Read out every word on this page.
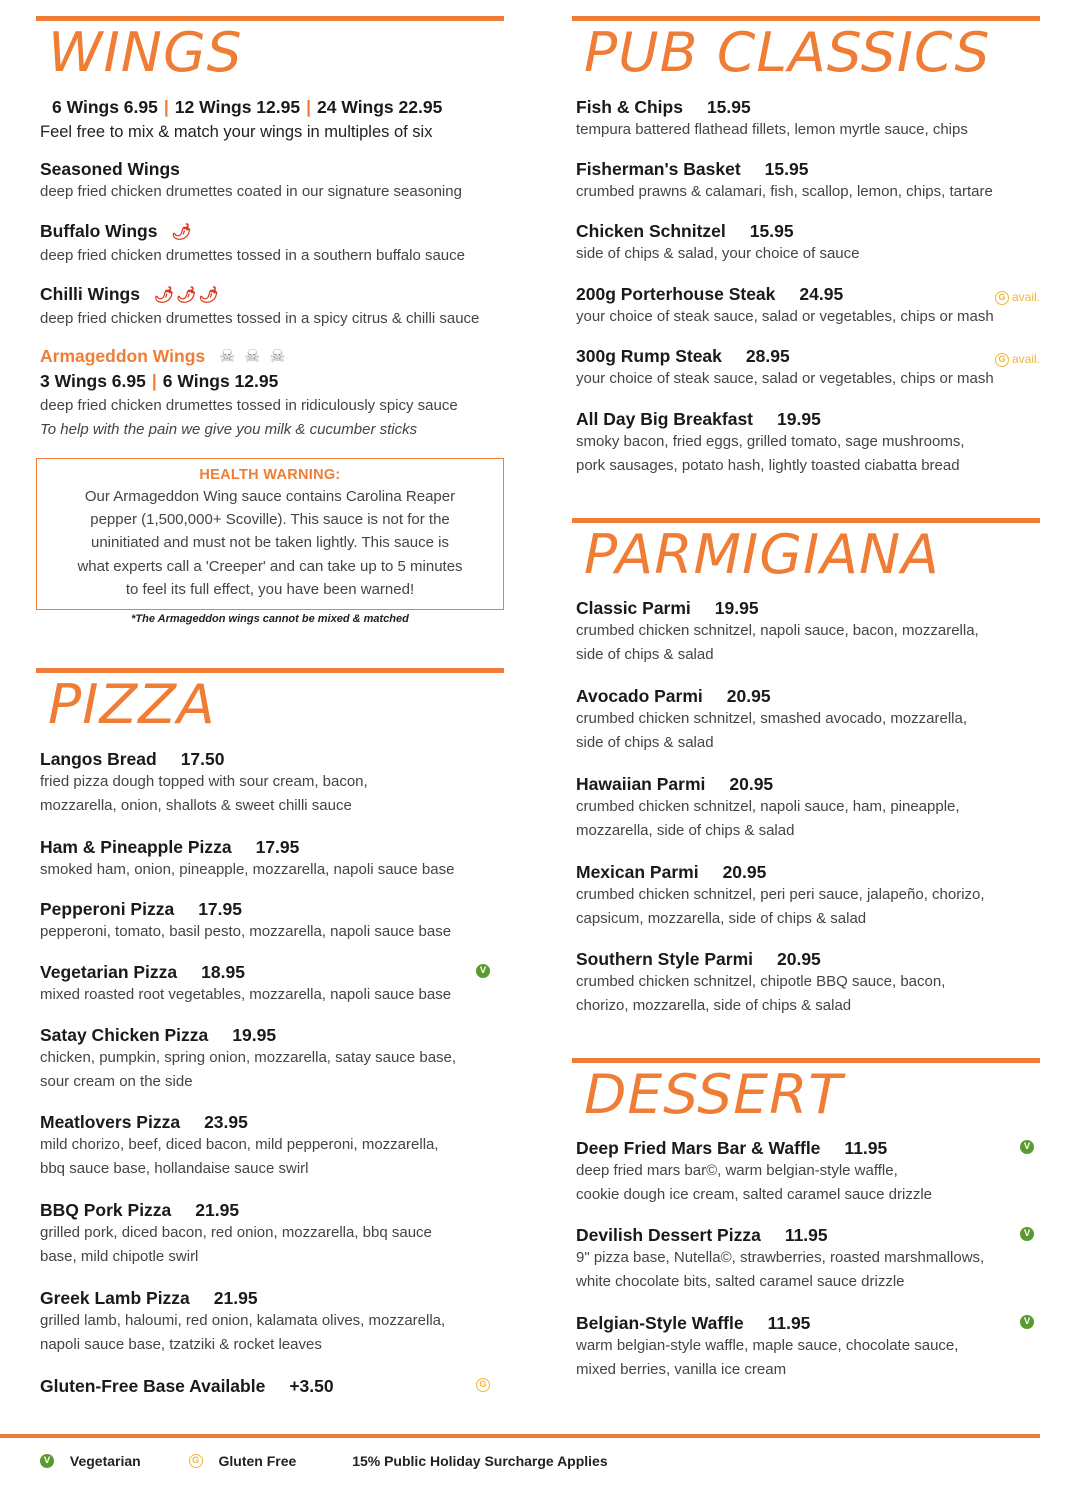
WINGS
6 Wings 6.95 | 12 Wings 12.95 | 24 Wings 22.95
Feel free to mix & match your wings in multiples of six
Seasoned Wings
deep fried chicken drumettes coated in our signature seasoning
Buffalo Wings 🌶
deep fried chicken drumettes tossed in a southern buffalo sauce
Chilli Wings 🌶🌶🌶
deep fried chicken drumettes tossed in a spicy citrus & chilli sauce
Armageddon Wings ☠ ☠ ☠
3 Wings 6.95 | 6 Wings 12.95
deep fried chicken drumettes tossed in ridiculously spicy sauce
To help with the pain we give you milk & cucumber sticks
HEALTH WARNING:
Our Armageddon Wing sauce contains Carolina Reaper
pepper (1,500,000+ Scoville). This sauce is not for the
uninitiated and must not be taken lightly. This sauce is
what experts call a 'Creeper' and can take up to 5 minutes
to feel its full effect, you have been warned!
*The Armageddon wings cannot be mixed & matched
PIZZA
Langos Bread 17.50
fried pizza dough topped with sour cream, bacon,
mozzarella, onion, shallots & sweet chilli sauce
Ham & Pineapple Pizza 17.95
smoked ham, onion, pineapple, mozzarella, napoli sauce base
Pepperoni Pizza 17.95
pepperoni, tomato, basil pesto, mozzarella, napoli sauce base
Vegetarian Pizza 18.95	V
mixed roasted root vegetables, mozzarella, napoli sauce base
Satay Chicken Pizza 19.95
chicken, pumpkin, spring onion, mozzarella, satay sauce base,
sour cream on the side
Meatlovers Pizza 23.95
mild chorizo, beef, diced bacon, mild pepperoni, mozzarella,
bbq sauce base, hollandaise sauce swirl
BBQ Pork Pizza 21.95
grilled pork, diced bacon, red onion, mozzarella, bbq sauce
base, mild chipotle swirl
Greek Lamb Pizza 21.95
grilled lamb, haloumi, red onion, kalamata olives, mozzarella,
napoli sauce base, tzatziki & rocket leaves
Gluten-Free Base Available +3.50	G
PUB CLASSICS
Fish & Chips 15.95
tempura battered flathead fillets, lemon myrtle sauce, chips
Fisherman's Basket 15.95
crumbed prawns & calamari, fish, scallop, lemon, chips, tartare
Chicken Schnitzel 15.95
side of chips & salad, your choice of sauce
200g Porterhouse Steak 24.95	G avail.
your choice of steak sauce, salad or vegetables, chips or mash
300g Rump Steak 28.95	G avail.
your choice of steak sauce, salad or vegetables, chips or mash
All Day Big Breakfast 19.95
smoky bacon, fried eggs, grilled tomato, sage mushrooms,
pork sausages, potato hash, lightly toasted ciabatta bread
PARMIGIANA
Classic Parmi 19.95
crumbed chicken schnitzel, napoli sauce, bacon, mozzarella,
side of chips & salad
Avocado Parmi 20.95
crumbed chicken schnitzel, smashed avocado, mozzarella,
side of chips & salad
Hawaiian Parmi 20.95
crumbed chicken schnitzel, napoli sauce, ham, pineapple,
mozzarella, side of chips & salad
Mexican Parmi 20.95
crumbed chicken schnitzel, peri peri sauce, jalapeño, chorizo,
capsicum, mozzarella, side of chips & salad
Southern Style Parmi 20.95
crumbed chicken schnitzel, chipotle BBQ sauce, bacon,
chorizo, mozzarella, side of chips & salad
DESSERT
Deep Fried Mars Bar & Waffle 11.95	V
deep fried mars bar©, warm belgian-style waffle,
cookie dough ice cream, salted caramel sauce drizzle
Devilish Dessert Pizza 11.95	V
9" pizza base, Nutella©, strawberries, roasted marshmallows,
white chocolate bits, salted caramel sauce drizzle
Belgian-Style Waffle 11.95	V
warm belgian-style waffle, maple sauce, chocolate sauce,
mixed berries, vanilla ice cream
V Vegetarian	G Gluten Free	15% Public Holiday Surcharge Applies
